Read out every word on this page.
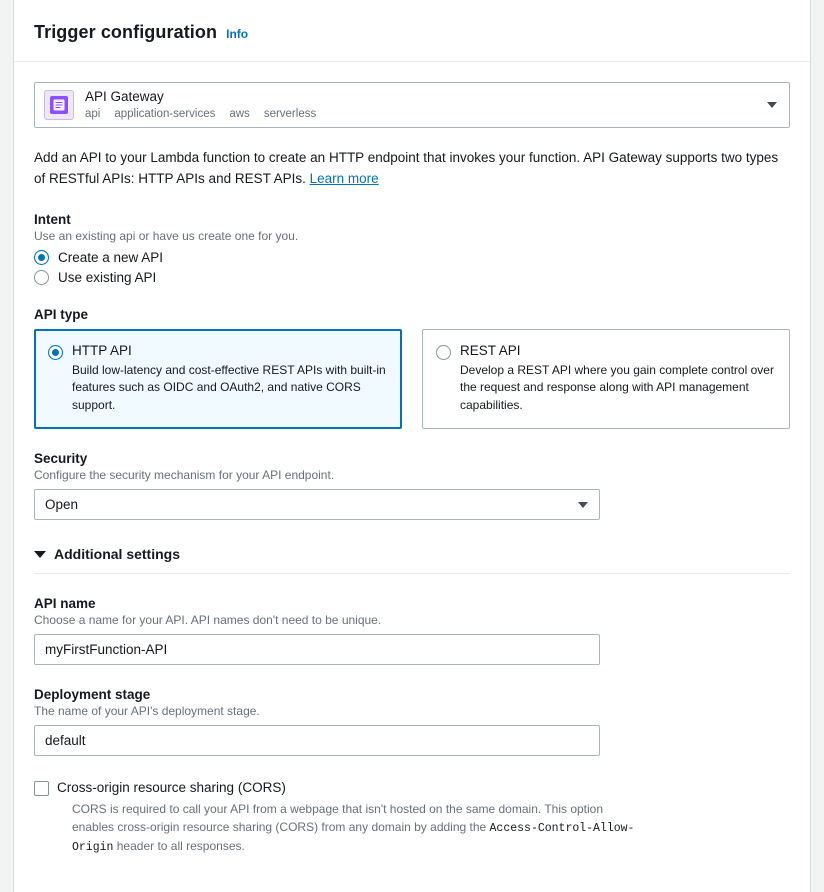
Trigger configuration Info
API Gateway
api application-services aws serverless

Add an API to your Lambda function to create an HTTP endpoint that invokes your function. API Gateway supports two types of RESTful APIs: HTTP APIs and REST APIs. Learn more

Intent
Use an existing api or have us create one for you.
Create a new API
Use existing API
API type
HTTP API
Build low-latency and cost-effective REST APIs with built-in features such as OIDC and OAuth2, and native CORS support.
REST API
Develop a REST API where you gain complete control over the request and response along with API management capabilities.
Security
Configure the security mechanism for your API endpoint.
Open
Additional settings
API name
Choose a name for your API. API names don't need to be unique.
myFirstFunction-API
Deployment stage
The name of your API's deployment stage.
default
Cross-origin resource sharing (CORS)
CORS is required to call your API from a webpage that isn't hosted on the same domain. This option enables cross-origin resource sharing (CORS) from any domain by adding the Access-Control-Allow-Origin header to all responses.
